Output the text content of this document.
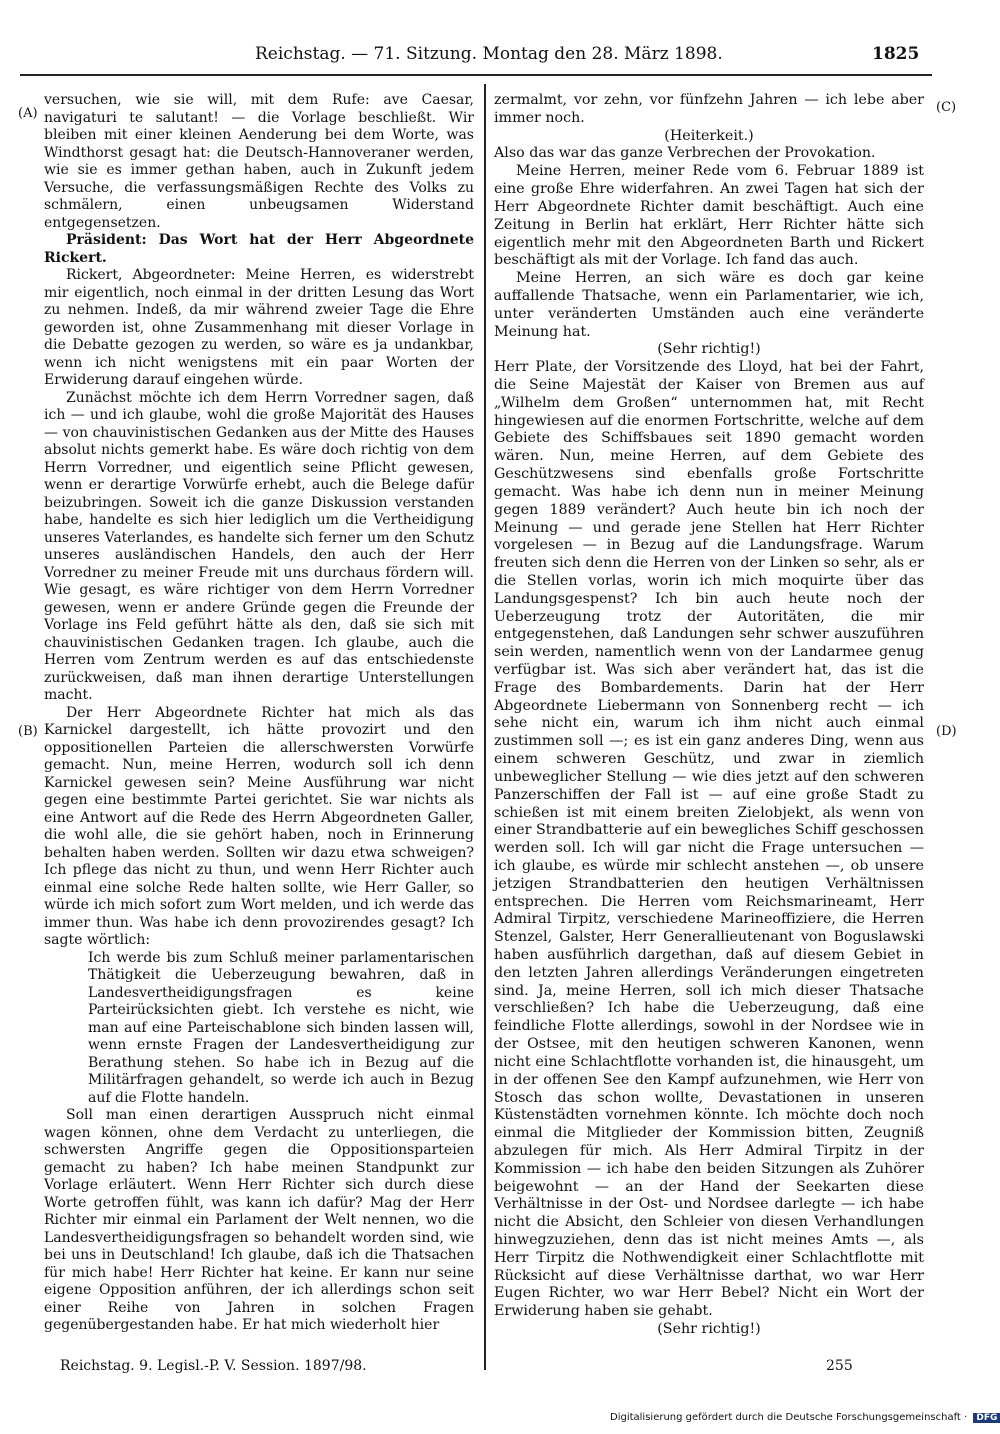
Reichstag. — 71. Sitzung. Montag den 28. März 1898.	1825
(A)
(B)
(C)
(D)

versuchen, wie sie will, mit dem Rufe: ave Caesar, navigaturi te salutant! — die Vorlage beschließt. Wir bleiben mit einer kleinen Aenderung bei dem Worte, was Windthorst gesagt hat: die Deutsch-Hannoveraner werden, wie sie es immer gethan haben, auch in Zukunft jedem Versuche, die verfassungsmäßigen Rechte des Volks zu schmälern, einen unbeugsamen Widerstand entgegensetzen.

Präsident: Das Wort hat der Herr Abgeordnete Rickert.

Rickert, Abgeordneter: Meine Herren, es widerstrebt mir eigentlich, noch einmal in der dritten Lesung das Wort zu nehmen. Indeß, da mir während zweier Tage die Ehre geworden ist, ohne Zusammenhang mit dieser Vorlage in die Debatte gezogen zu werden, so wäre es ja undankbar, wenn ich nicht wenigstens mit ein paar Worten der Erwiderung darauf eingehen würde.

Zunächst möchte ich dem Herrn Vorredner sagen, daß ich — und ich glaube, wohl die große Majorität des Hauses — von chauvinistischen Gedanken aus der Mitte des Hauses absolut nichts gemerkt habe. Es wäre doch richtig von dem Herrn Vorredner, und eigentlich seine Pflicht gewesen, wenn er derartige Vorwürfe erhebt, auch die Belege dafür beizubringen. Soweit ich die ganze Diskussion verstanden habe, handelte es sich hier lediglich um die Vertheidigung unseres Vaterlandes, es handelte sich ferner um den Schutz unseres ausländischen Handels, den auch der Herr Vorredner zu meiner Freude mit uns durchaus fördern will. Wie gesagt, es wäre richtiger von dem Herrn Vorredner gewesen, wenn er andere Gründe gegen die Freunde der Vorlage ins Feld geführt hätte als den, daß sie sich mit chauvinistischen Gedanken tragen. Ich glaube, auch die Herren vom Zentrum werden es auf das entschiedenste zurückweisen, daß man ihnen derartige Unterstellungen macht.

Der Herr Abgeordnete Richter hat mich als das Karnickel dargestellt, ich hätte provozirt und den oppositionellen Parteien die allerschwersten Vorwürfe gemacht. Nun, meine Herren, wodurch soll ich denn Karnickel gewesen sein? Meine Ausführung war nicht gegen eine bestimmte Partei gerichtet. Sie war nichts als eine Antwort auf die Rede des Herrn Abgeordneten Galler, die wohl alle, die sie gehört haben, noch in Erinnerung behalten haben werden. Sollten wir dazu etwa schweigen? Ich pflege das nicht zu thun, und wenn Herr Richter auch einmal eine solche Rede halten sollte, wie Herr Galler, so würde ich mich sofort zum Wort melden, und ich werde das immer thun. Was habe ich denn provozirendes gesagt? Ich sagte wörtlich:

Ich werde bis zum Schluß meiner parlamentarischen Thätigkeit die Ueberzeugung bewahren, daß in Landesvertheidigungsfragen es keine Parteirücksichten giebt. Ich verstehe es nicht, wie man auf eine Parteischablone sich binden lassen will, wenn ernste Fragen der Landesvertheidigung zur Berathung stehen. So habe ich in Bezug auf die Militärfragen gehandelt, so werde ich auch in Bezug auf die Flotte handeln.

Soll man einen derartigen Ausspruch nicht einmal wagen können, ohne dem Verdacht zu unterliegen, die schwersten Angriffe gegen die Oppositionsparteien gemacht zu haben? Ich habe meinen Standpunkt zur Vorlage erläutert. Wenn Herr Richter sich durch diese Worte getroffen fühlt, was kann ich dafür? Mag der Herr Richter mir einmal ein Parlament der Welt nennen, wo die Landesvertheidigungsfragen so behandelt worden sind, wie bei uns in Deutschland! Ich glaube, daß ich die Thatsachen für mich habe! Herr Richter hat keine. Er kann nur seine eigene Opposition anführen, der ich allerdings schon seit einer Reihe von Jahren in solchen Fragen gegenübergestanden habe. Er hat mich wiederholt hier

zermalmt, vor zehn, vor fünfzehn Jahren — ich lebe aber immer noch.

(Heiterkeit.)

Also das war das ganze Verbrechen der Provokation.

Meine Herren, meiner Rede vom 6. Februar 1889 ist eine große Ehre widerfahren. An zwei Tagen hat sich der Herr Abgeordnete Richter damit beschäftigt. Auch eine Zeitung in Berlin hat erklärt, Herr Richter hätte sich eigentlich mehr mit den Abgeordneten Barth und Rickert beschäftigt als mit der Vorlage. Ich fand das auch.

Meine Herren, an sich wäre es doch gar keine auffallende Thatsache, wenn ein Parlamentarier, wie ich, unter veränderten Umständen auch eine veränderte Meinung hat.

(Sehr richtig!)

Herr Plate, der Vorsitzende des Lloyd, hat bei der Fahrt, die Seine Majestät der Kaiser von Bremen aus auf „Wilhelm dem Großen“ unternommen hat, mit Recht hingewiesen auf die enormen Fortschritte, welche auf dem Gebiete des Schiffsbaues seit 1890 gemacht worden wären. Nun, meine Herren, auf dem Gebiete des Geschützwesens sind ebenfalls große Fortschritte gemacht. Was habe ich denn nun in meiner Meinung gegen 1889 verändert? Auch heute bin ich noch der Meinung — und gerade jene Stellen hat Herr Richter vorgelesen — in Bezug auf die Landungsfrage. Warum freuten sich denn die Herren von der Linken so sehr, als er die Stellen vorlas, worin ich mich moquirte über das Landungsgespenst? Ich bin auch heute noch der Ueberzeugung trotz der Autoritäten, die mir entgegenstehen, daß Landungen sehr schwer auszuführen sein werden, namentlich wenn von der Landarmee genug verfügbar ist. Was sich aber verändert hat, das ist die Frage des Bombardements. Darin hat der Herr Abgeordnete Liebermann von Sonnenberg recht — ich sehe nicht ein, warum ich ihm nicht auch einmal zustimmen soll —; es ist ein ganz anderes Ding, wenn aus einem schweren Geschütz, und zwar in ziemlich unbeweglicher Stellung — wie dies jetzt auf den schweren Panzerschiffen der Fall ist — auf eine große Stadt zu schießen ist mit einem breiten Zielobjekt, als wenn von einer Strandbatterie auf ein bewegliches Schiff geschossen werden soll. Ich will gar nicht die Frage untersuchen — ich glaube, es würde mir schlecht anstehen —, ob unsere jetzigen Strandbatterien den heutigen Verhältnissen entsprechen. Die Herren vom Reichsmarineamt, Herr Admiral Tirpitz, verschiedene Marineoffiziere, die Herren Stenzel, Galster, Herr Generallieutenant von Boguslawski haben ausführlich dargethan, daß auf diesem Gebiet in den letzten Jahren allerdings Veränderungen eingetreten sind. Ja, meine Herren, soll ich mich dieser Thatsache verschließen? Ich habe die Ueberzeugung, daß eine feindliche Flotte allerdings, sowohl in der Nordsee wie in der Ostsee, mit den heutigen schweren Kanonen, wenn nicht eine Schlachtflotte vorhanden ist, die hinausgeht, um in der offenen See den Kampf aufzunehmen, wie Herr von Stosch das schon wollte, Devastationen in unseren Küstenstädten vornehmen könnte. Ich möchte doch noch einmal die Mitglieder der Kommission bitten, Zeugniß abzulegen für mich. Als Herr Admiral Tirpitz in der Kommission — ich habe den beiden Sitzungen als Zuhörer beigewohnt — an der Hand der Seekarten diese Verhältnisse in der Ost- und Nordsee darlegte — ich habe nicht die Absicht, den Schleier von diesen Verhandlungen hinwegzuziehen, denn das ist nicht meines Amts —, als Herr Tirpitz die Nothwendigkeit einer Schlachtflotte mit Rücksicht auf diese Verhältnisse darthat, wo war Herr Eugen Richter, wo war Herr Bebel? Nicht ein Wort der Erwiderung haben sie gehabt.

(Sehr richtig!)

Reichstag. 9. Legisl.-P. V. Session. 1897/98.	255
Digitalisierung gefördert durch die Deutsche Forschungsgemeinschaft · DFG
